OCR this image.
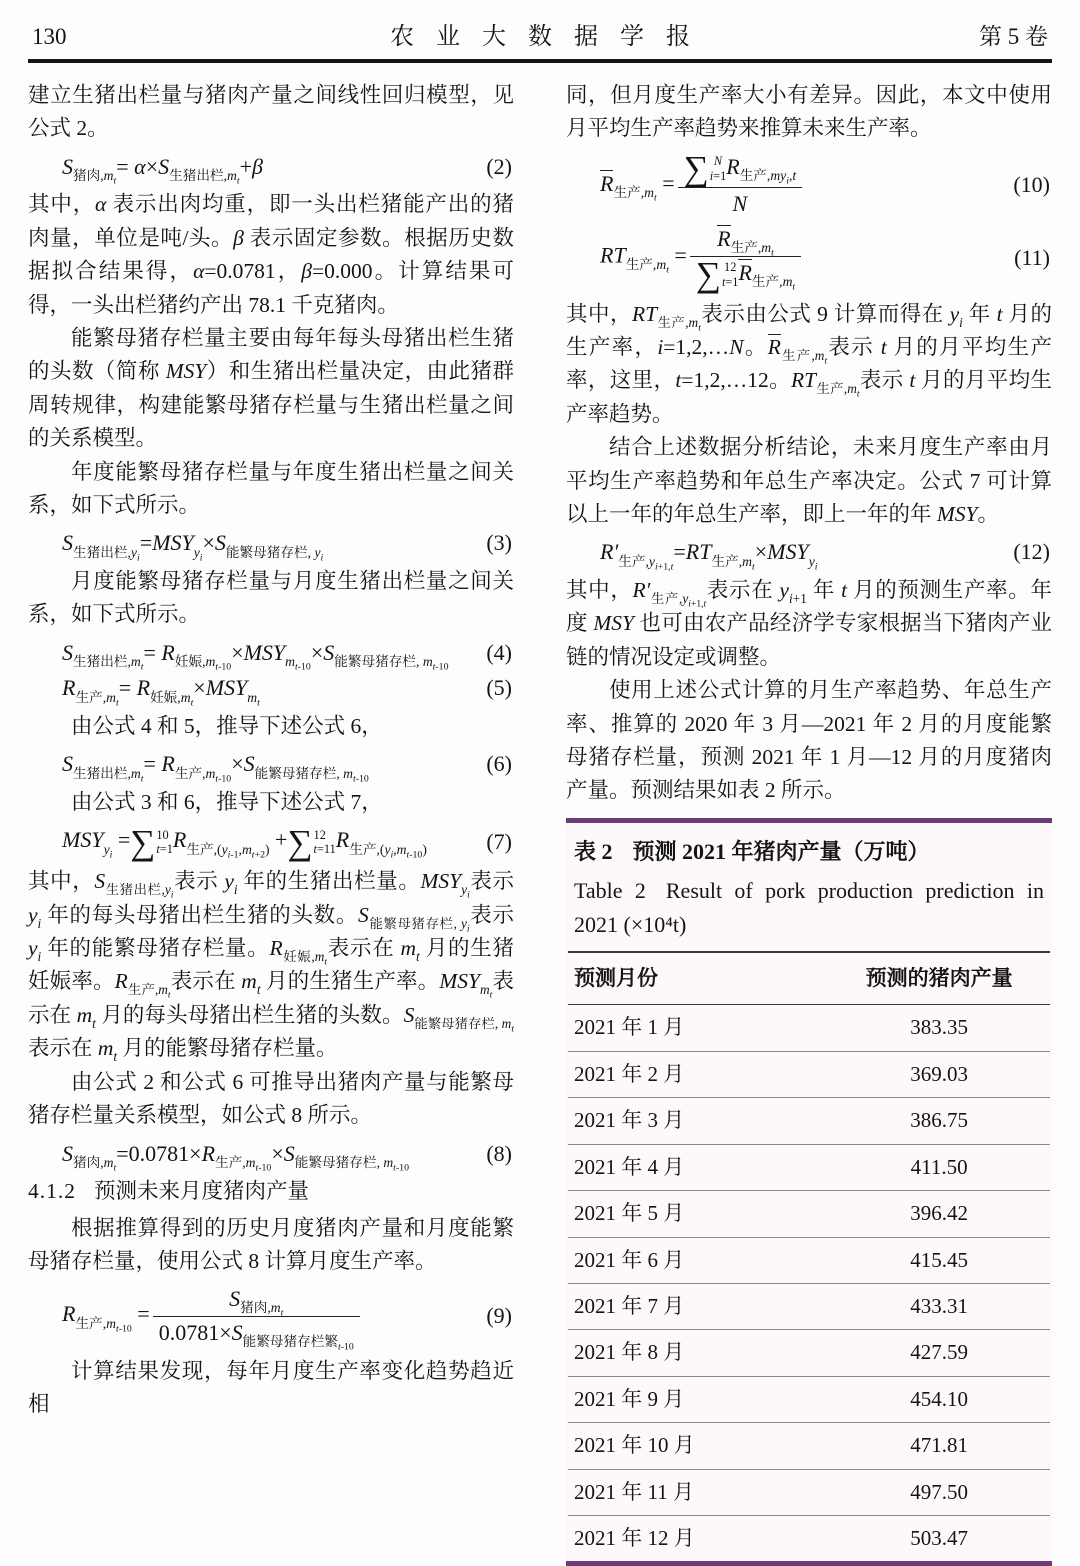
130	农业大数据学报	第 5 卷

建立生猪出栏量与猪肉产量之间线性回归模型，见公式 2。

$S_{猪肉,m_t}= \alpha\times S_{生猪出栏,m_t}+\beta$	(2)

其中，α 表示出肉均重，即一头出栏猪能产出的猪肉量，单位是吨/头。β 表示固定参数。根据历史数据拟合结果得，α=0.0781，β=0.000。计算结果可得，一头出栏猪约产出 78.1 千克猪肉。

能繁母猪存栏量主要由每年每头母猪出栏生猪的头数（简称 MSY）和生猪出栏量决定，由此猪群周转规律，构建能繁母猪存栏量与生猪出栏量之间的关系模型。

年度能繁母猪存栏量与年度生猪出栏量之间关系，如下式所示。

$S_{生猪出栏,y_i}=MSY_{y_i}\times S_{能繁母猪存栏, y_i}$
(3)

月度能繁母猪存栏量与月度生猪出栏量之间关系，如下式所示。

$S_{生猪出栏,m_t}= R_{妊娠,m_{t-10}}\times MSY_{m_{t-10}}\times S_{能繁母猪存栏, m_{t-10}}$
(4)
$R_{生产,m_t}= R_{妊娠,m_t}\times MSY_{m_t}$
(5)

由公式 4 和 5，推导下述公式 6，

$S_{生猪出栏,m_t}= R_{生产,m_{t-10}}\times S_{能繁母猪存栏, m_{t-10}}$
(6)

由公式 3 和 6，推导下述公式 7，

$MSY_{y_i}$ = ∑ 10
t=1 $R_{生产,(y_{i-1},m_{t+2})}$ + ∑ 12
t=11 $R_{生产,(y_i,m_{t-10})}$	(7)

其中，$S_{生猪出栏,y_i}$表示 $y_i$ 年的生猪出栏量。$MSY_{y_i}$表示 $y_i$ 年的每头母猪出栏生猪的头数。$S_{能繁母猪存栏, y_i}$表示 $y_i$ 年的能繁母猪存栏量。$R_{妊娠,m_t}$表示在 $m_t$ 月的生猪妊娠率。$R_{生产,m_t}$表示在 $m_t$ 月的生猪生产率。$MSY_{m_t}$表示在 $m_t$ 月的每头母猪出栏生猪的头数。$S_{能繁母猪存栏, m_t}$表示在 $m_t$ 月的能繁母猪存栏量。

由公式 2 和公式 6 可推导出猪肉产量与能繁母猪存栏量关系模型，如公式 8 所示。

$S_{猪肉,m_t}=0.0781\times R_{生产,m_{t-10}}\times S_{能繁母猪存栏, m_{t-10}}$
(8)
4.1.2 预测未来月度猪肉产量

根据推算得到的历史月度猪肉产量和月度能繁母猪存栏量，使用公式 8 计算月度生产率。

$R_{生产,m_{t-10}} = \frac{S_{猪肉,m_t}}{0.0781\times S_{能繁母猪存栏繁_{t-10}}}$	(9)

计算结果发现，每年月度生产率变化趋势趋近相

同，但月度生产率大小有差异。因此，本文中使用月平均生产率趋势来推算未来生产率。

$R_{生产,m_t}$ = ∑ N
i=1 $R_{生产,my_i,t}$
N	(10)
$RT_{生产,m_t} = R_{生产,m_t}$
∑ 12
t=1 $R_{生产,m_t}$	(11)

其中，$RT_{生产,m_t}$表示由公式 9 计算而得在 $y_i$ 年 t 月的生产率，i=1,2,…N。$R_{生产,m_t}$表示 t 月的月平均生产率，这里，t=1,2,…12。$RT_{生产,m_t}$表示 t 月的月平均生产率趋势。

结合上述数据分析结论，未来月度生产率由月平均生产率趋势和年总生产率决定。公式 7 可计算以上一年的年总生产率，即上一年的年 MSY。

$R'_{生产,y_{i+1,t}}=RT_{生产,m_t}\times MSY_{y_i}$
(12)

其中，$R'_{生产,y_{i+1,t}}$表示在 $y_{i+1}$ 年 t 月的预测生产率。年度 MSY 也可由农产品经济学专家根据当下猪肉产业链的情况设定或调整。

使用上述公式计算的月生产率趋势、年总生产率、推算的 2020 年 3 月—2021 年 2 月的月度能繁母猪存栏量，预测 2021 年 1 月—12 月的月度猪肉产量。预测结果如表 2 所示。

表 2 预测 2021 年猪肉产量（万吨）
Table 2 Result of pork production prediction in 2021 (×10⁴t)
预测月份	预测的猪肉产量
2021 年 1 月	383.35
2021 年 2 月	369.03
2021 年 3 月	386.75
2021 年 4 月	411.50
2021 年 5 月	396.42
2021 年 6 月	415.45
2021 年 7 月	433.31
2021 年 8 月	427.59
2021 年 9 月	454.10
2021 年 10 月	471.81
2021 年 11 月	497.50
2021 年 12 月	503.47
